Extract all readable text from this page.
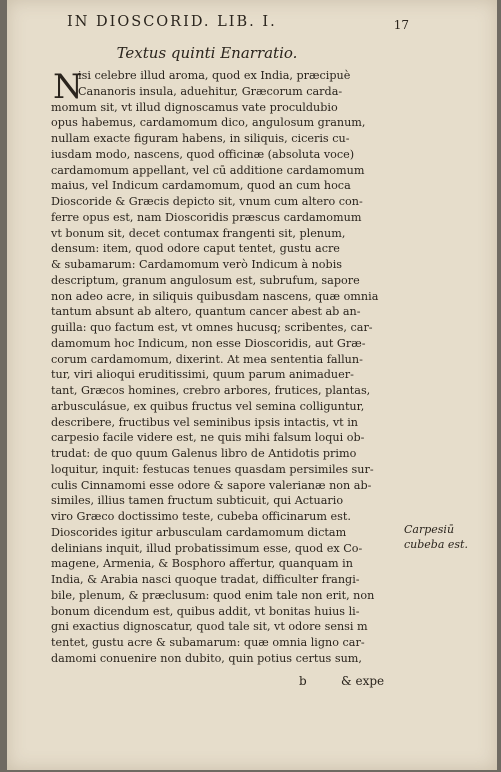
IN DIOSCORID. LIB. I.	17
Textus quinti Enarratio.
N
isi celebre illud aroma, quod ex India, præcipuè
Cananoris insula, aduehitur, Græcorum carda-
momum sit, vt illud dignoscamus vate proculdubio
opus habemus, cardamomum dico, angulosum granum,
nullam exacte figuram habens, in siliquis, ciceris cu-
iusdam modo, nascens, quod officinæ (absoluta voce)
cardamomum appellant, vel cū additione cardamomum
maius, vel Indicum cardamomum, quod an cum hoca
Dioscoride & Græcis depicto sit, vnum cum altero con-
ferre opus est, nam Dioscoridis præscus cardamomum
vt bonum sit, decet contumax frangenti sit, plenum,
densum: item, quod odore caput tentet, gustu acre
& subamarum: Cardamomum verò Indicum à nobis
descriptum, granum angulosum est, subrufum, sapore
non adeo acre, in siliquis quibusdam nascens, quæ omnia
tantum absunt ab altero, quantum cancer abest ab an-
guilla: quo factum est, vt omnes hucusq; scribentes, car-
damomum hoc Indicum, non esse Dioscoridis, aut Græ-
corum cardamomum, dixerint. At mea sententia fallun-
tur, viri alioqui eruditissimi, quum parum animaduer-
tant, Græcos homines, crebro arbores, frutices, plantas,
arbusculásue, ex quibus fructus vel semina colliguntur,
describere, fructibus vel seminibus ipsis intactis, vt in
carpesio facile videre est, ne quis mihi falsum loqui ob-
trudat: de quo quum Galenus libro de Antidotis primo
loquitur, inquit: festucas tenues quasdam persimiles sur-
culis Cinnamomi esse odore & sapore valerianæ non ab-
similes, illius tamen fructum subticuit, qui Actuario
viro Græco doctissimo teste, cubeba officinarum est.
Dioscorides igitur arbusculam cardamomum dictam
delinians inquit, illud probatissimum esse, quod ex Co-
magene, Armenia, & Bosphoro affertur, quanquam in
India, & Arabia nasci quoque tradat, difficulter frangi-
bile, plenum, & præclusum: quod enim tale non erit, non
bonum dicendum est, quibus addit, vt bonitas huius li-
gni exactius dignoscatur, quod tale sit, vt odore sensi m
tentet, gustu acre & subamarum: quæ omnia ligno car-
damomi conuenire non dubito, quin potius certus sum,
Carpesiū
cubeba est.
b	& expe
